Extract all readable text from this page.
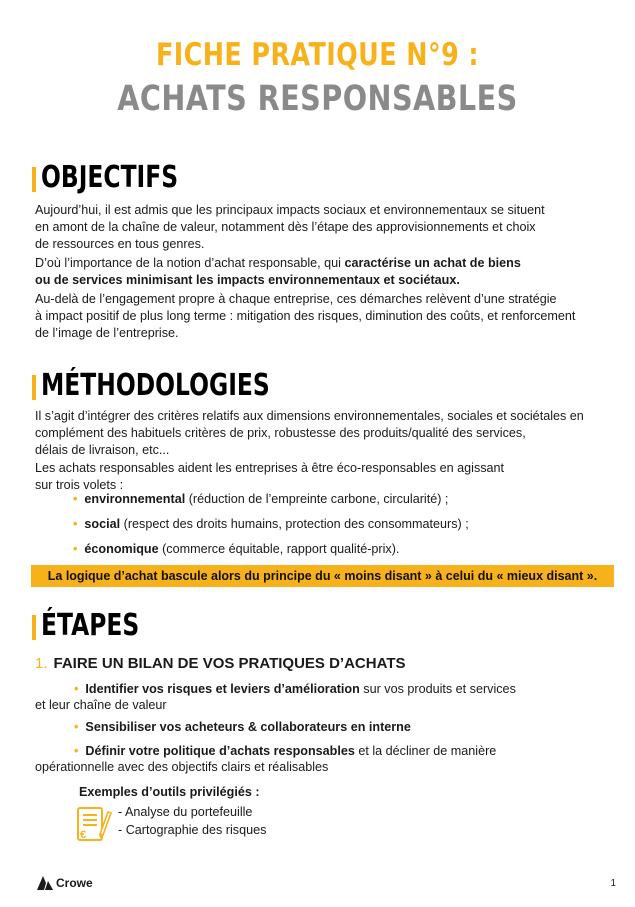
FICHE PRATIQUE N°9 :
ACHATS RESPONSABLES
OBJECTIFS
Aujourd’hui, il est admis que les principaux impacts sociaux et environnementaux se situent
en amont de la chaîne de valeur, notamment dès l’étape des approvisionnements et choix
de ressources en tous genres.
D’où l’importance de la notion d’achat responsable, qui caractérise un achat de biens
ou de services minimisant les impacts environnementaux et sociétaux.
Au-delà de l’engagement propre à chaque entreprise, ces démarches relèvent d’une stratégie
à impact positif de plus long terme : mitigation des risques, diminution des coûts, et renforcement
de l’image de l’entreprise.
MÉTHODOLOGIES
Il s’agit d’intégrer des critères relatifs aux dimensions environnementales, sociales et sociétales en
complément des habituels critères de prix, robustesse des produits/qualité des services,
délais de livraison, etc...
Les achats responsables aident les entreprises à être éco-responsables en agissant
sur trois volets :
• environnemental (réduction de l’empreinte carbone, circularité) ;
• social (respect des droits humains, protection des consommateurs) ;
• économique (commerce équitable, rapport qualité-prix).
La logique d’achat bascule alors du principe du « moins disant » à celui du « mieux disant ».
ÉTAPES
1. FAIRE UN BILAN DE VOS PRATIQUES D’ACHATS
• Identifier vos risques et leviers d’amélioration sur vos produits et services
et leur chaîne de valeur
• Sensibiliser vos acheteurs & collaborateurs en interne
• Définir votre politique d’achats responsables et la décliner de manière
opérationnelle avec des objectifs clairs et réalisables
Exemples d’outils privilégiés :
€
- Analyse du portefeuille
- Cartographie des risques
Crowe	1
